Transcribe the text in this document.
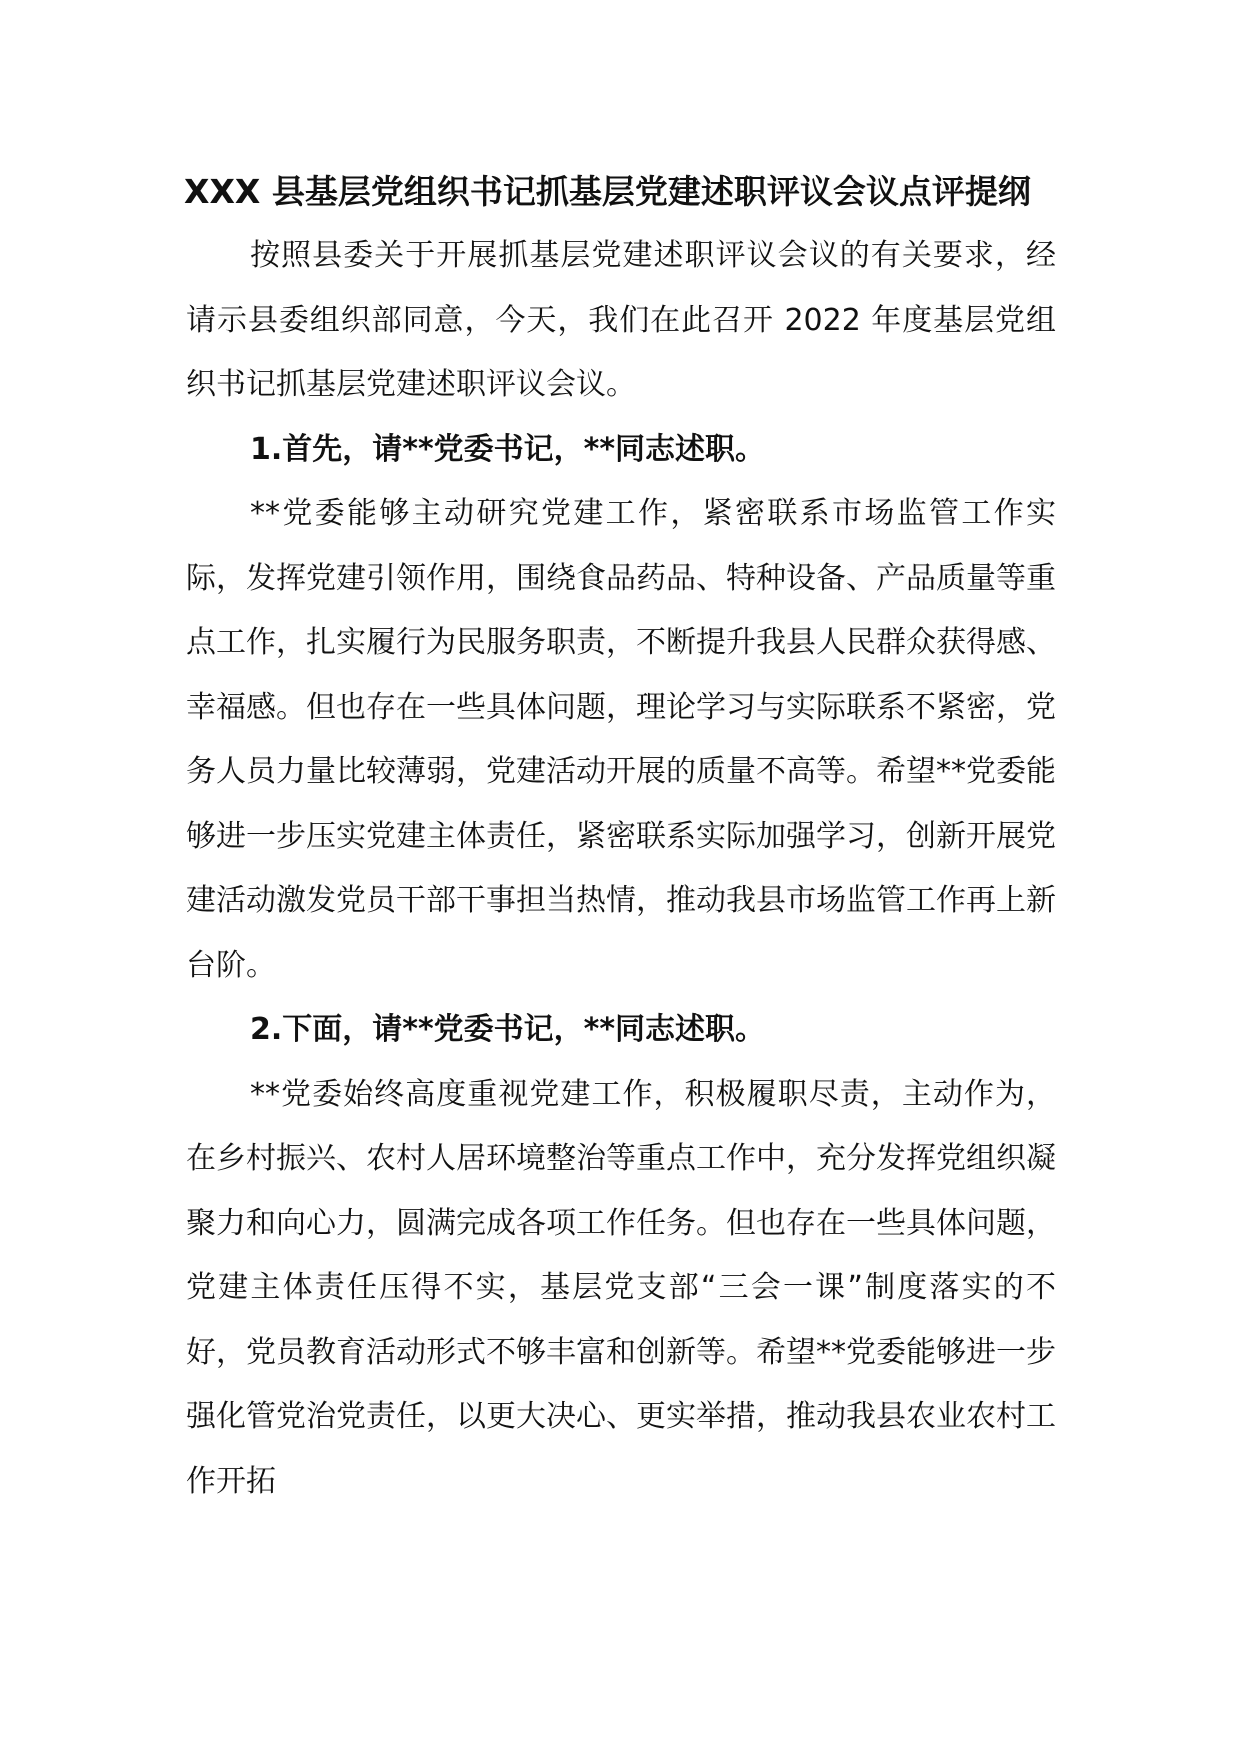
XXX 县基层党组织书记抓基层党建述职评议会议点评提纲

按照县委关于开展抓基层党建述职评议会议的有关要求，经请示县委组织部同意，今天，我们在此召开 2022 年度基层党组织书记抓基层党建述职评议会议。

1.首先，请**党委书记，**同志述职。

**党委能够主动研究党建工作，紧密联系市场监管工作实际，发挥党建引领作用，围绕食品药品、特种设备、产品质量等重点工作，扎实履行为民服务职责，不断提升我县人民群众获得感、幸福感。但也存在一些具体问题，理论学习与实际联系不紧密，党务人员力量比较薄弱，党建活动开展的质量不高等。希望**党委能够进一步压实党建主体责任，紧密联系实际加强学习，创新开展党建活动激发党员干部干事担当热情，推动我县市场监管工作再上新台阶。

2.下面，请**党委书记，**同志述职。

**党委始终高度重视党建工作，积极履职尽责，主动作为，在乡村振兴、农村人居环境整治等重点工作中，充分发挥党组织凝聚力和向心力，圆满完成各项工作任务。但也存在一些具体问题，党建主体责任压得不实，基层党支部“三会一课”制度落实的不好，党员教育活动形式不够丰富和创新等。希望**党委能够进一步强化管党治党责任，以更大决心、更实举措，推动我县农业农村工作开拓
